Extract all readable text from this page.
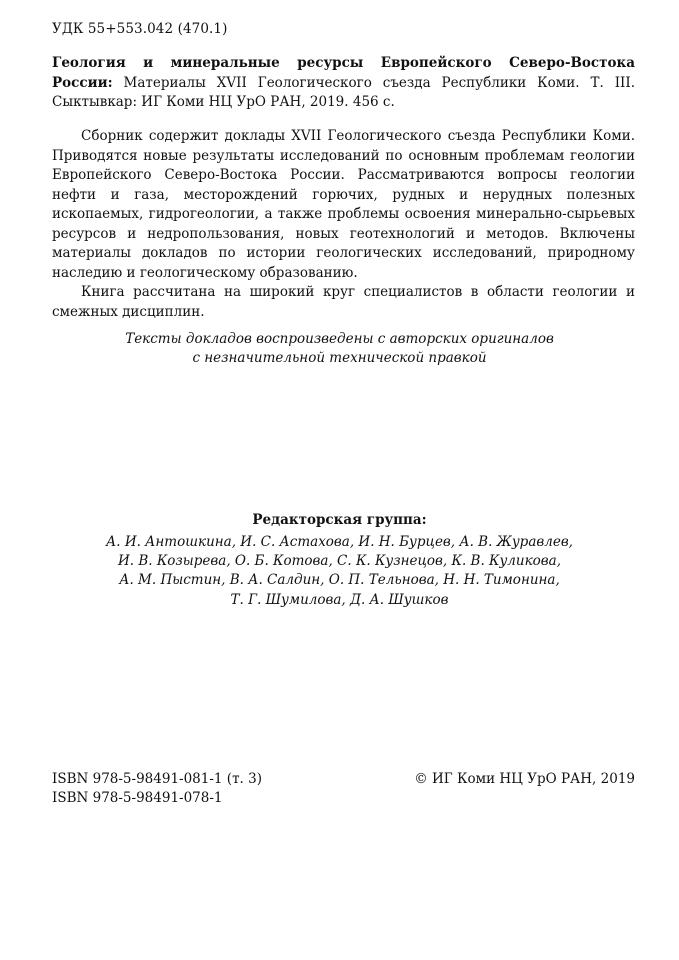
УДК 55+553.042 (470.1)
Геология и минеральные ресурсы Европейского Северо-Востока России: Материалы XVII Геологического съезда Республики Коми. Т. III. Сыктывкар: ИГ Коми НЦ УрО РАН, 2019. 456 с.

Сборник содержит доклады XVII Геологического съезда Республики Коми. Приводятся новые результаты исследований по основным проблемам геологии Европейского Северо-Востока России. Рассматриваются вопросы геологии нефти и газа, месторождений горючих, рудных и нерудных полезных ископаемых, гидрогеологии, а также проблемы освоения минерально-сырьевых ресурсов и недропользования, новых геотехнологий и методов. Включены материалы докладов по истории геологических исследований, природному наследию и геологическому образованию.

Книга рассчитана на широкий круг специалистов в области геологии и смежных дисциплин.

Тексты докладов воспроизведены с авторских оригиналов
с незначительной технической правкой
Редакторская группа:
А. И. Антошкина, И. С. Астахова, И. Н. Бурцев, А. В. Журавлев,
И. В. Козырева, О. Б. Котова, С. К. Кузнецов, К. В. Куликова,
А. М. Пыстин, В. А. Салдин, О. П. Тельнова, Н. Н. Тимонина,
Т. Г. Шумилова, Д. А. Шушков
ISBN 978-5-98491-081-1 (т. 3)
ISBN 978-5-98491-078-1
© ИГ Коми НЦ УрО РАН, 2019
